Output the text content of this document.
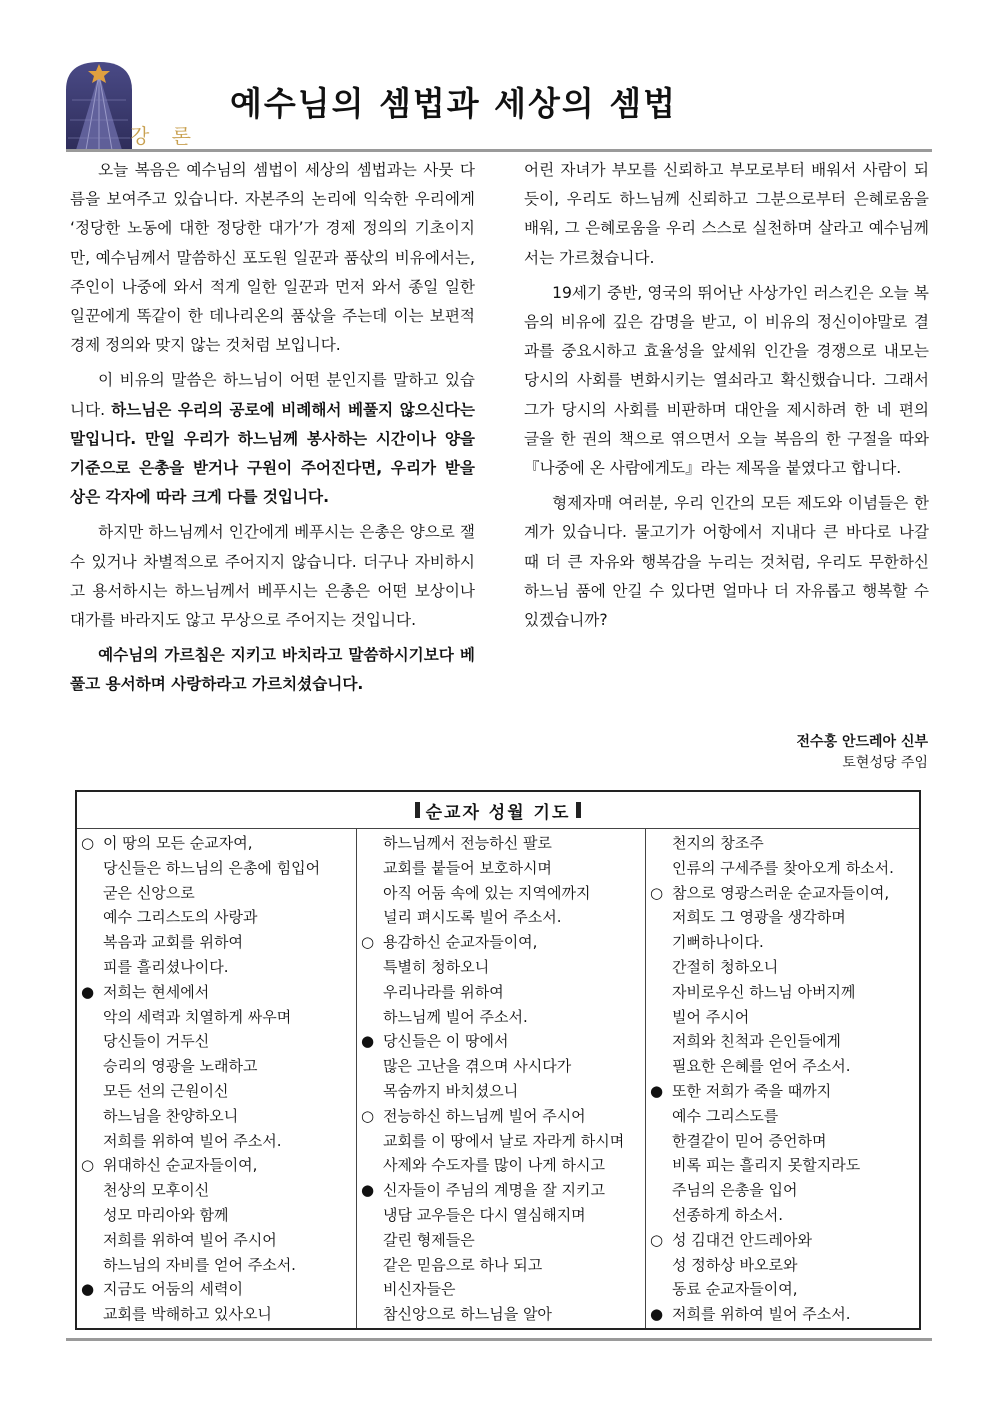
강 론
예수님의 셈법과 세상의 셈법

오늘 복음은 예수님의 셈법이 세상의 셈법과는 사뭇 다름을 보여주고 있습니다. 자본주의 논리에 익숙한 우리에게 ‘정당한 노동에 대한 정당한 대가’가 경제 정의의 기초이지만, 예수님께서 말씀하신 포도원 일꾼과 품삯의 비유에서는, 주인이 나중에 와서 적게 일한 일꾼과 먼저 와서 종일 일한 일꾼에게 똑같이 한 데나리온의 품삯을 주는데 이는 보편적 경제 정의와 맞지 않는 것처럼 보입니다.

이 비유의 말씀은 하느님이 어떤 분인지를 말하고 있습니다. 하느님은 우리의 공로에 비례해서 베풀지 않으신다는 말입니다. 만일 우리가 하느님께 봉사하는 시간이나 양을 기준으로 은총을 받거나 구원이 주어진다면, 우리가 받을 상은 각자에 따라 크게 다를 것입니다.

하지만 하느님께서 인간에게 베푸시는 은총은 양으로 잴 수 있거나 차별적으로 주어지지 않습니다. 더구나 자비하시고 용서하시는 하느님께서 베푸시는 은총은 어떤 보상이나 대가를 바라지도 않고 무상으로 주어지는 것입니다.

예수님의 가르침은 지키고 바치라고 말씀하시기보다 베풀고 용서하며 사랑하라고 가르치셨습니다.

어린 자녀가 부모를 신뢰하고 부모로부터 배워서 사람이 되듯이, 우리도 하느님께 신뢰하고 그분으로부터 은혜로움을 배워, 그 은혜로움을 우리 스스로 실천하며 살라고 예수님께서는 가르쳤습니다.

19세기 중반, 영국의 뛰어난 사상가인 러스킨은 오늘 복음의 비유에 깊은 감명을 받고, 이 비유의 정신이야말로 결과를 중요시하고 효율성을 앞세워 인간을 경쟁으로 내모는 당시의 사회를 변화시키는 열쇠라고 확신했습니다. 그래서 그가 당시의 사회를 비판하며 대안을 제시하려 한 네 편의 글을 한 권의 책으로 엮으면서 오늘 복음의 한 구절을 따와『나중에 온 사람에게도』라는 제목을 붙였다고 합니다.

형제자매 여러분, 우리 인간의 모든 제도와 이념들은 한계가 있습니다. 물고기가 어항에서 지내다 큰 바다로 나갈 때 더 큰 자유와 행복감을 누리는 것처럼, 우리도 무한하신 하느님 품에 안길 수 있다면 얼마나 더 자유롭고 행복할 수 있겠습니까?

전수홍 안드레아 신부
토현성당 주임
순교자 성월 기도
○ 이 땅의 모든 순교자여,
당신들은 하느님의 은총에 힘입어
굳은 신앙으로
예수 그리스도의 사랑과
복음과 교회를 위하여
피를 흘리셨나이다.
● 저희는 현세에서
악의 세력과 치열하게 싸우며
당신들이 거두신
승리의 영광을 노래하고
모든 선의 근원이신
하느님을 찬양하오니
저희를 위하여 빌어 주소서.
○ 위대하신 순교자들이여,
천상의 모후이신
성모 마리아와 함께
저희를 위하여 빌어 주시어
하느님의 자비를 얻어 주소서.
● 지금도 어둠의 세력이
교회를 박해하고 있사오니
하느님께서 전능하신 팔로
교회를 붙들어 보호하시며
아직 어둠 속에 있는 지역에까지
널리 펴시도록 빌어 주소서.
○ 용감하신 순교자들이여,
특별히 청하오니
우리나라를 위하여
하느님께 빌어 주소서.
● 당신들은 이 땅에서
많은 고난을 겪으며 사시다가
목숨까지 바치셨으니
○ 전능하신 하느님께 빌어 주시어
교회를 이 땅에서 날로 자라게 하시며
사제와 수도자를 많이 나게 하시고
● 신자들이 주님의 계명을 잘 지키고
냉담 교우들은 다시 열심해지며
갈린 형제들은
같은 믿음으로 하나 되고
비신자들은
참신앙으로 하느님을 알아
천지의 창조주
인류의 구세주를 찾아오게 하소서.
○ 참으로 영광스러운 순교자들이여,
저희도 그 영광을 생각하며
기뻐하나이다.
간절히 청하오니
자비로우신 하느님 아버지께
빌어 주시어
저희와 친척과 은인들에게
필요한 은혜를 얻어 주소서.
● 또한 저희가 죽을 때까지
예수 그리스도를
한결같이 믿어 증언하며
비록 피는 흘리지 못할지라도
주님의 은총을 입어
선종하게 하소서.
○ 성 김대건 안드레아와
성 정하상 바오로와
동료 순교자들이여,
● 저희를 위하여 빌어 주소서.
